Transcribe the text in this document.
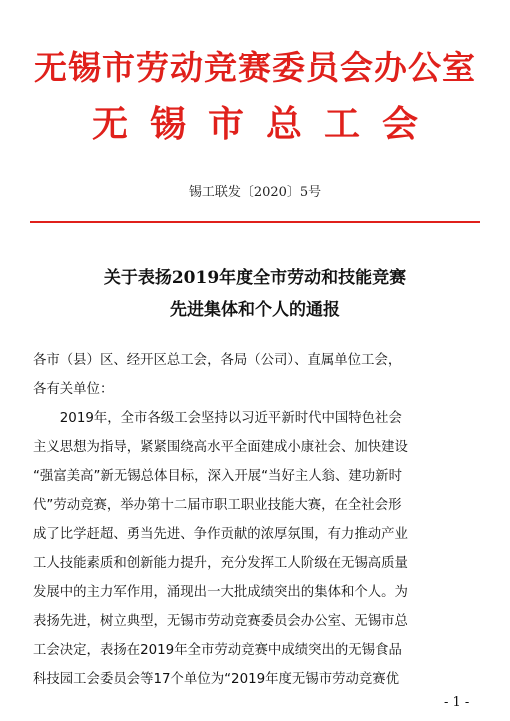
无锡市劳动竞赛委员会办公室
无锡市总工会
锡工联发〔2020〕5号
关于表扬2019年度全市劳动和技能竞赛
先进集体和个人的通报
各市（县）区、经开区总工会，各局（公司）、直属单位工会，
各有关单位：
　　2019年，全市各级工会坚持以习近平新时代中国特色社会
主义思想为指导，紧紧围绕高水平全面建成小康社会、加快建设
“强富美高”新无锡总体目标，深入开展“当好主人翁、建功新时
代”劳动竞赛，举办第十二届市职工职业技能大赛，在全社会形
成了比学赶超、勇当先进、争作贡献的浓厚氛围，有力推动产业
工人技能素质和创新能力提升，充分发挥工人阶级在无锡高质量
发展中的主力军作用，涌现出一大批成绩突出的集体和个人。为
表扬先进，树立典型，无锡市劳动竞赛委员会办公室、无锡市总
工会决定，表扬在2019年全市劳动竞赛中成绩突出的无锡食品
科技园工会委员会等17个单位为“2019年度无锡市劳动竞赛优
- 1 -
